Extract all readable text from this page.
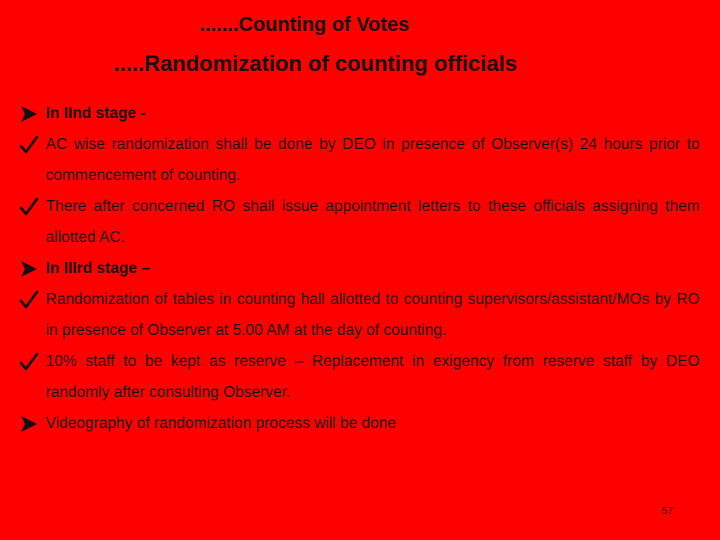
.......Counting of Votes
.....Randomization of counting officials
In IInd stage -
AC wise randomization shall be done by DEO in presence of Observer(s) 24 hours prior to commencement of counting.
There after concerned RO shall issue appointment letters to these officials assigning them allotted AC.
In IIIrd stage –
Randomization of tables in counting hall allotted to counting supervisors/assistant/MOs by RO in presence of Observer at 5.00 AM at the day of counting.
10% staff to be kept as reserve – Replacement in exigency from reserve staff by DEO randomly after consulting Observer.
Videography of randomization process will be done
57
